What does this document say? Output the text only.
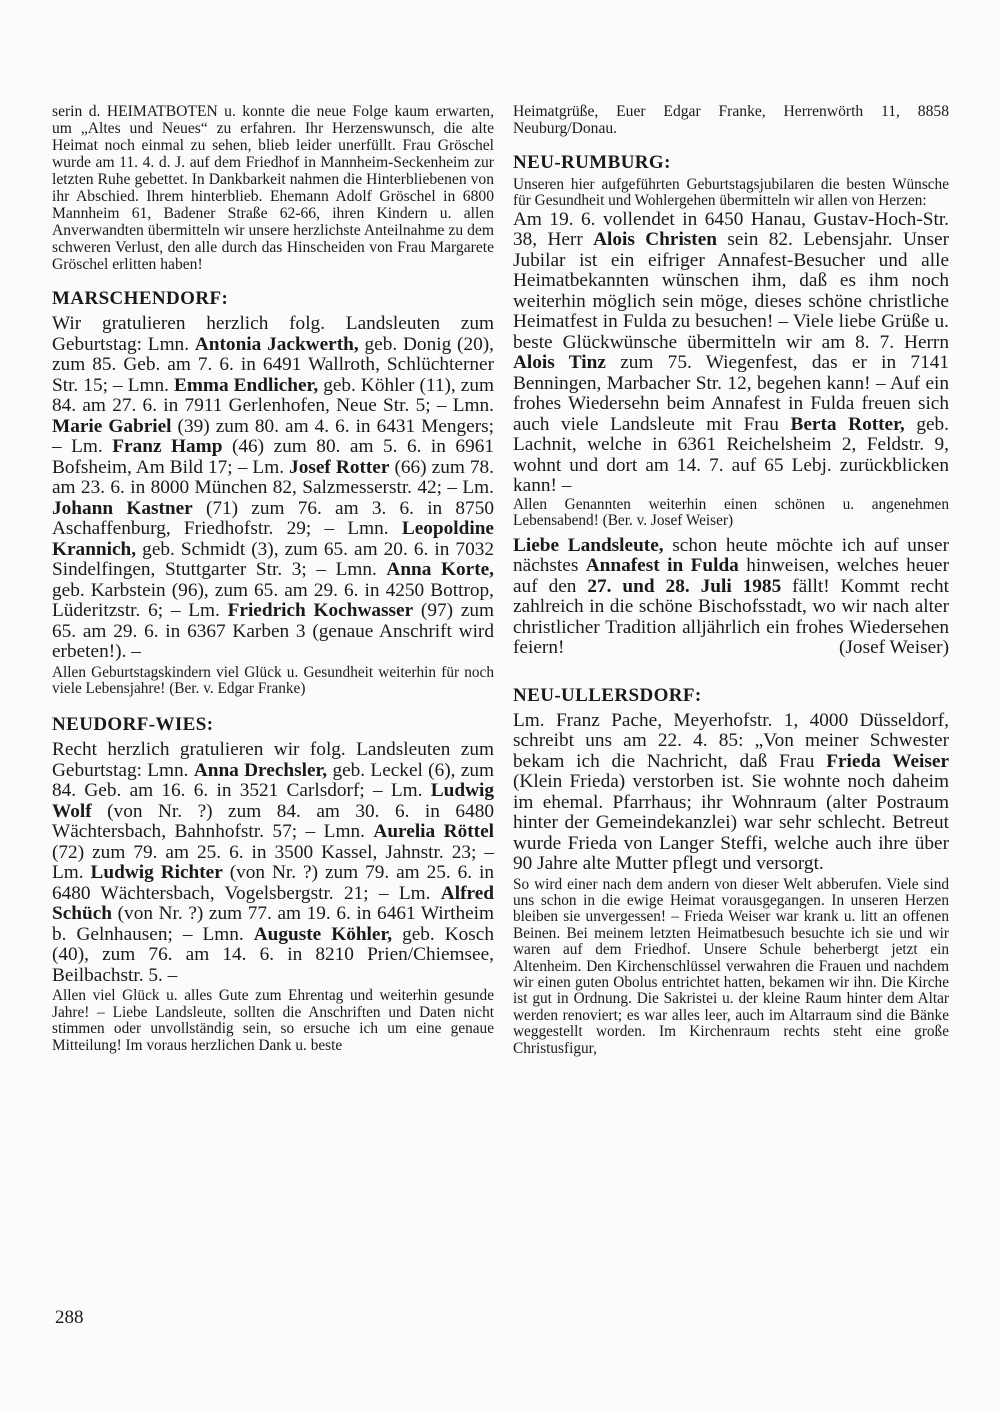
serin d. HEIMATBOTEN u. konnte die neue Folge kaum erwarten, um „Altes und Neues“ zu erfahren. Ihr Herzenswunsch, die alte Heimat noch einmal zu sehen, blieb leider unerfüllt. Frau Gröschel wurde am 11. 4. d. J. auf dem Friedhof in Mannheim-Seckenheim zur letzten Ruhe gebettet. In Dankbarkeit nahmen die Hinterbliebenen von ihr Abschied. Ihrem hinterblieb. Ehemann Adolf Gröschel in 6800 Mannheim 61, Badener Straße 62-66, ihren Kindern u. allen Anverwandten übermitteln wir unsere herzlichste Anteilnahme zu dem schweren Verlust, den alle durch das Hinscheiden von Frau Margarete Gröschel erlitten haben!

MARSCHENDORF:

Wir gratulieren herzlich folg. Landsleuten zum Geburtstag: Lmn. Antonia Jackwerth, geb. Donig (20), zum 85. Geb. am 7. 6. in 6491 Wallroth, Schlüchterner Str. 15; – Lmn. Emma Endlicher, geb. Köhler (11), zum 84. am 27. 6. in 7911 Gerlenhofen, Neue Str. 5; – Lmn. Marie Gabriel (39) zum 80. am 4. 6. in 6431 Mengers; – Lm. Franz Hamp (46) zum 80. am 5. 6. in 6961 Bofsheim, Am Bild 17; – Lm. Josef Rotter (66) zum 78. am 23. 6. in 8000 München 82, Salzmesserstr. 42; – Lm. Johann Kastner (71) zum 76. am 3. 6. in 8750 Aschaffenburg, Friedhofstr. 29; – Lmn. Leopoldine Krannich, geb. Schmidt (3), zum 65. am 20. 6. in 7032 Sindelfingen, Stuttgarter Str. 3; – Lmn. Anna Korte, geb. Karbstein (96), zum 65. am 29. 6. in 4250 Bottrop, Lüderitzstr. 6; – Lm. Friedrich Kochwasser (97) zum 65. am 29. 6. in 6367 Karben 3 (genaue Anschrift wird erbeten!). –

Allen Geburtstagskindern viel Glück u. Gesundheit weiterhin für noch viele Lebensjahre! (Ber. v. Edgar Franke)

NEUDORF-WIES:

Recht herzlich gratulieren wir folg. Landsleuten zum Geburtstag: Lmn. Anna Drechsler, geb. Leckel (6), zum 84. Geb. am 16. 6. in 3521 Carlsdorf; – Lm. Ludwig Wolf (von Nr. ?) zum 84. am 30. 6. in 6480 Wächtersbach, Bahnhofstr. 57; – Lmn. Aurelia Röttel (72) zum 79. am 25. 6. in 3500 Kassel, Jahnstr. 23; – Lm. Ludwig Richter (von Nr. ?) zum 79. am 25. 6. in 6480 Wächtersbach, Vogelsbergstr. 21; – Lm. Alfred Schüch (von Nr. ?) zum 77. am 19. 6. in 6461 Wirtheim b. Gelnhausen; – Lmn. Auguste Köhler, geb. Kosch (40), zum 76. am 14. 6. in 8210 Prien/Chiemsee, Beilbachstr. 5. –

Allen viel Glück u. alles Gute zum Ehrentag und weiterhin gesunde Jahre! – Liebe Landsleute, sollten die Anschriften und Daten nicht stimmen oder unvollständig sein, so ersuche ich um eine genaue Mitteilung! Im voraus herzlichen Dank u. beste

Heimatgrüße, Euer Edgar Franke, Herrenwörth 11, 8858 Neuburg/Donau.

NEU-RUMBURG:

Unseren hier aufgeführten Geburtstagsjubilaren die besten Wünsche für Gesundheit und Wohlergehen übermitteln wir allen von Herzen:

Am 19. 6. vollendet in 6450 Hanau, Gustav-Hoch-Str. 38, Herr Alois Christen sein 82. Lebensjahr. Unser Jubilar ist ein eifriger Annafest-Besucher und alle Heimatbekannten wünschen ihm, daß es ihm noch weiterhin möglich sein möge, dieses schöne christliche Heimatfest in Fulda zu besuchen! – Viele liebe Grüße u. beste Glückwünsche übermitteln wir am 8. 7. Herrn Alois Tinz zum 75. Wiegenfest, das er in 7141 Benningen, Marbacher Str. 12, begehen kann! – Auf ein frohes Wiedersehn beim Annafest in Fulda freuen sich auch viele Landsleute mit Frau Berta Rotter, geb. Lachnit, welche in 6361 Reichelsheim 2, Feldstr. 9, wohnt und dort am 14. 7. auf 65 Lebj. zurückblicken kann! –

Allen Genannten weiterhin einen schönen u. angenehmen Lebensabend! (Ber. v. Josef Weiser)

Liebe Landsleute, schon heute möchte ich auf unser nächstes Annafest in Fulda hinweisen, welches heuer auf den 27. und 28. Juli 1985 fällt! Kommt recht zahlreich in die schöne Bischofsstadt, wo wir nach alter christlicher Tradition alljährlich ein frohes Wiedersehen feiern!	(Josef Weiser)

NEU-ULLERSDORF:

Lm. Franz Pache, Meyerhofstr. 1, 4000 Düsseldorf, schreibt uns am 22. 4. 85: „Von meiner Schwester bekam ich die Nachricht, daß Frau Frieda Weiser (Klein Frieda) verstorben ist. Sie wohnte noch daheim im ehemal. Pfarrhaus; ihr Wohnraum (alter Postraum hinter der Gemeindekanzlei) war sehr schlecht. Betreut wurde Frieda von Langer Steffi, welche auch ihre über 90 Jahre alte Mutter pflegt und versorgt.

So wird einer nach dem andern von dieser Welt abberufen. Viele sind uns schon in die ewige Heimat vorausgegangen. In unseren Herzen bleiben sie unvergessen! – Frieda Weiser war krank u. litt an offenen Beinen. Bei meinem letzten Heimatbesuch besuchte ich sie und wir waren auf dem Friedhof. Unsere Schule beherbergt jetzt ein Altenheim. Den Kirchenschlüssel verwahren die Frauen und nachdem wir einen guten Obolus entrichtet hatten, bekamen wir ihn. Die Kirche ist gut in Ordnung. Die Sakristei u. der kleine Raum hinter dem Altar werden renoviert; es war alles leer, auch im Altarraum sind die Bänke weggestellt worden. Im Kirchenraum rechts steht eine große Christusfigur,

288
